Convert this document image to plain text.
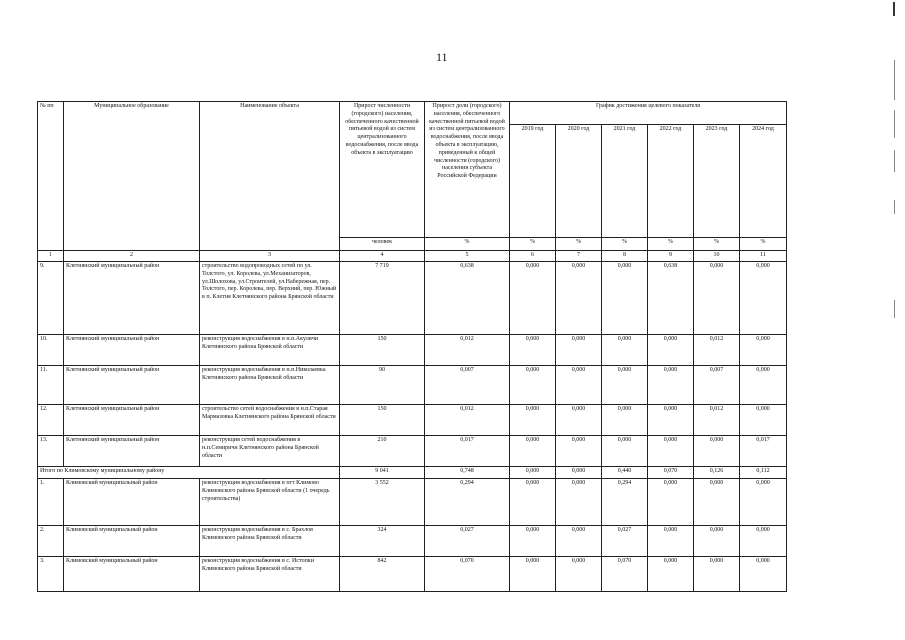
11
№ пп	Муниципальное образование	Наименование объекта	Прирост численности (городского) населения, обеспеченного качественной питьевой водой из систем централизованного водоснабжения, после ввода объекта в эксплуатацию	Прирост доли (городского) населения, обеспеченного качественной питьевой водой из систем централизованного водоснабжения, после ввода объекта в эксплуатацию, приведенный к общей численности (городского) населения субъекта Российской Федерации	График достижения целевого показателя					
					2019 год	2020 год	2021 год	2022 год	2023 год	2024 год
			человек	%	%	%	%	%	%	%
1	2	3	4	5	6	7	8	9	10	11
9.	Клетнянский муниципальный район	строительство водопроводных сетей по ул. Толстого, ул. Королева, ул.Механизаторов, ул.Шолохова, ул.Строителей, ул.Набережная, пер. Толстого, пер. Королева, пер. Верхний, пер. Южный в п. Клетня Клетнянского района Брянской области	7 719	0,638	0,000	0,000	0,000	0,638	0,000	0,000
10.	Клетнянский муниципальный район	реконструкция водоснабжения в н.п.Акуличи Клетнянского района Брянской области	150	0,012	0,000	0,000	0,000	0,000	0,012	0,000
11.	Клетнянский муниципальный район	реконструкция водоснабжения в н.п.Николаевка Клетнянского района Брянской области	90	0,007	0,000	0,000	0,000	0,000	0,007	0,000
12.	Клетнянский муниципальный район	строительство сетей водоснабжения в н.п.Старая Мармазовка Клетнянского района Брянской области	150	0,012	0,000	0,000	0,000	0,000	0,012	0,000
13.	Клетнянский муниципальный район	реконструкция сетей водоснабжения в н.п.Семиричи Клетнянского района Брянской области	210	0,017	0,000	0,000	0,000	0,000	0,000	0,017
Итого по Климовскому муниципальному району			9 041	0,748	0,000	0,000	0,440	0,070	0,126	0,112
1.	Климовский муниципальный район	реконструкция водоснабжения в пгт Климово Климовского района Брянской области (1 очередь строительства)	3 552	0,294	0,000	0,000	0,294	0,000	0,000	0,000
2.	Климовский муниципальный район	реконструкция водоснабжения в с. Брахлов Климовского района Брянской области	324	0,027	0,000	0,000	0,027	0,000	0,000	0,000
3.	Климовский муниципальный район	реконструкция водоснабжения в с. Истопки Климовского района Брянской области	842	0,070	0,000	0,000	0,070	0,000	0,000	0,000
